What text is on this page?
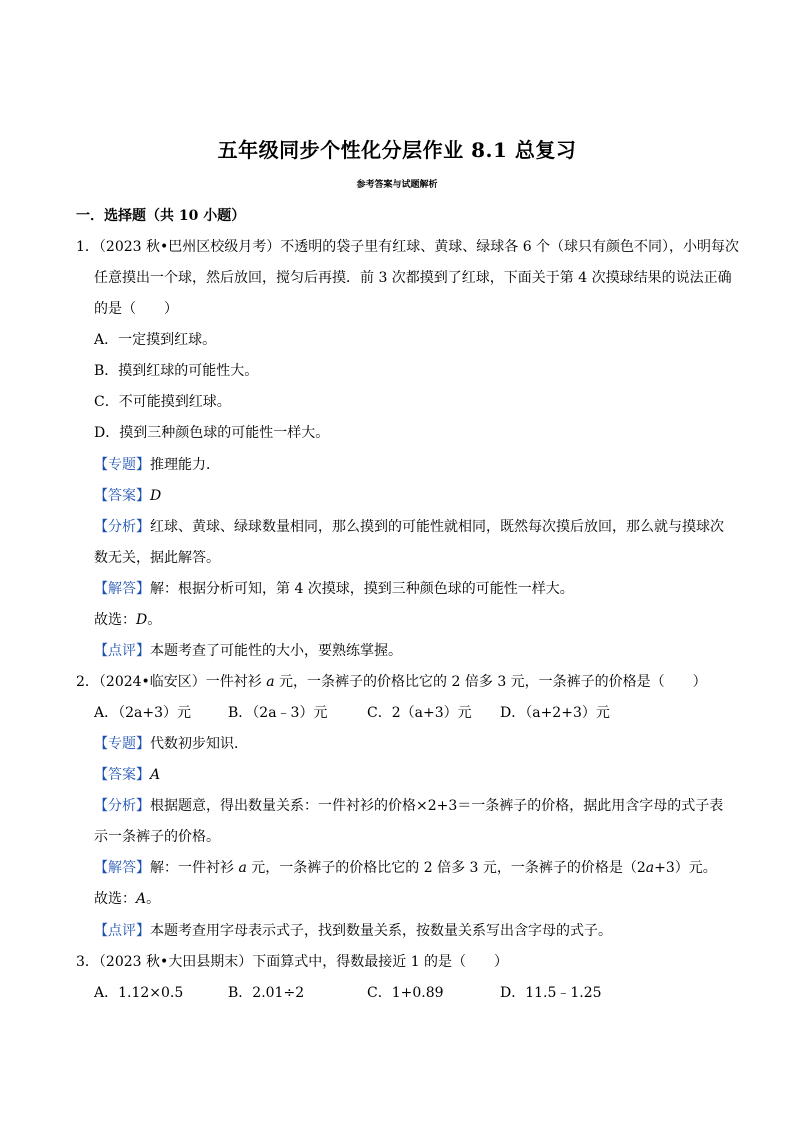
五年级同步个性化分层作业 8.1 总复习
参考答案与试题解析
一．选择题（共 10 小题）
1．（2023 秋•巴州区校级月考）不透明的袋子里有红球、黄球、绿球各 6 个（球只有颜色不同），小明每次
任意摸出一个球，然后放回，搅匀后再摸．前 3 次都摸到了红球，下面关于第 4 次摸球结果的说法正确
的是（　　）
A．一定摸到红球。
B．摸到红球的可能性大。
C．不可能摸到红球。
D．摸到三种颜色球的可能性一样大。
【专题】推理能力．
【答案】D
【分析】红球、黄球、绿球数量相同，那么摸到的可能性就相同，既然每次摸后放回，那么就与摸球次
数无关，据此解答。
【解答】解：根据分析可知，第 4 次摸球，摸到三种颜色球的可能性一样大。
故选：D。
【点评】本题考查了可能性的大小，要熟练掌握。
2．（2024•临安区）一件衬衫 a 元，一条裤子的价格比它的 2 倍多 3 元，一条裤子的价格是（　　）
A．（2a+3）元	B．（2a﹣3）元	C．2（a+3）元 D．（a+2+3）元
【专题】代数初步知识．
【答案】A
【分析】根据题意，得出数量关系：一件衬衫的价格×2+3＝一条裤子的价格，据此用含字母的式子表
示一条裤子的价格。
【解答】解：一件衬衫 a 元，一条裤子的价格比它的 2 倍多 3 元，一条裤子的价格是（2a+3）元。
故选：A。
【点评】本题考查用字母表示式子，找到数量关系，按数量关系写出含字母的式子。
3．（2023 秋•大田县期末）下面算式中，得数最接近 1 的是（　　）
A．1.12×0.5	B．2.01÷2	C．1+0.89	D．11.5﹣1.25
